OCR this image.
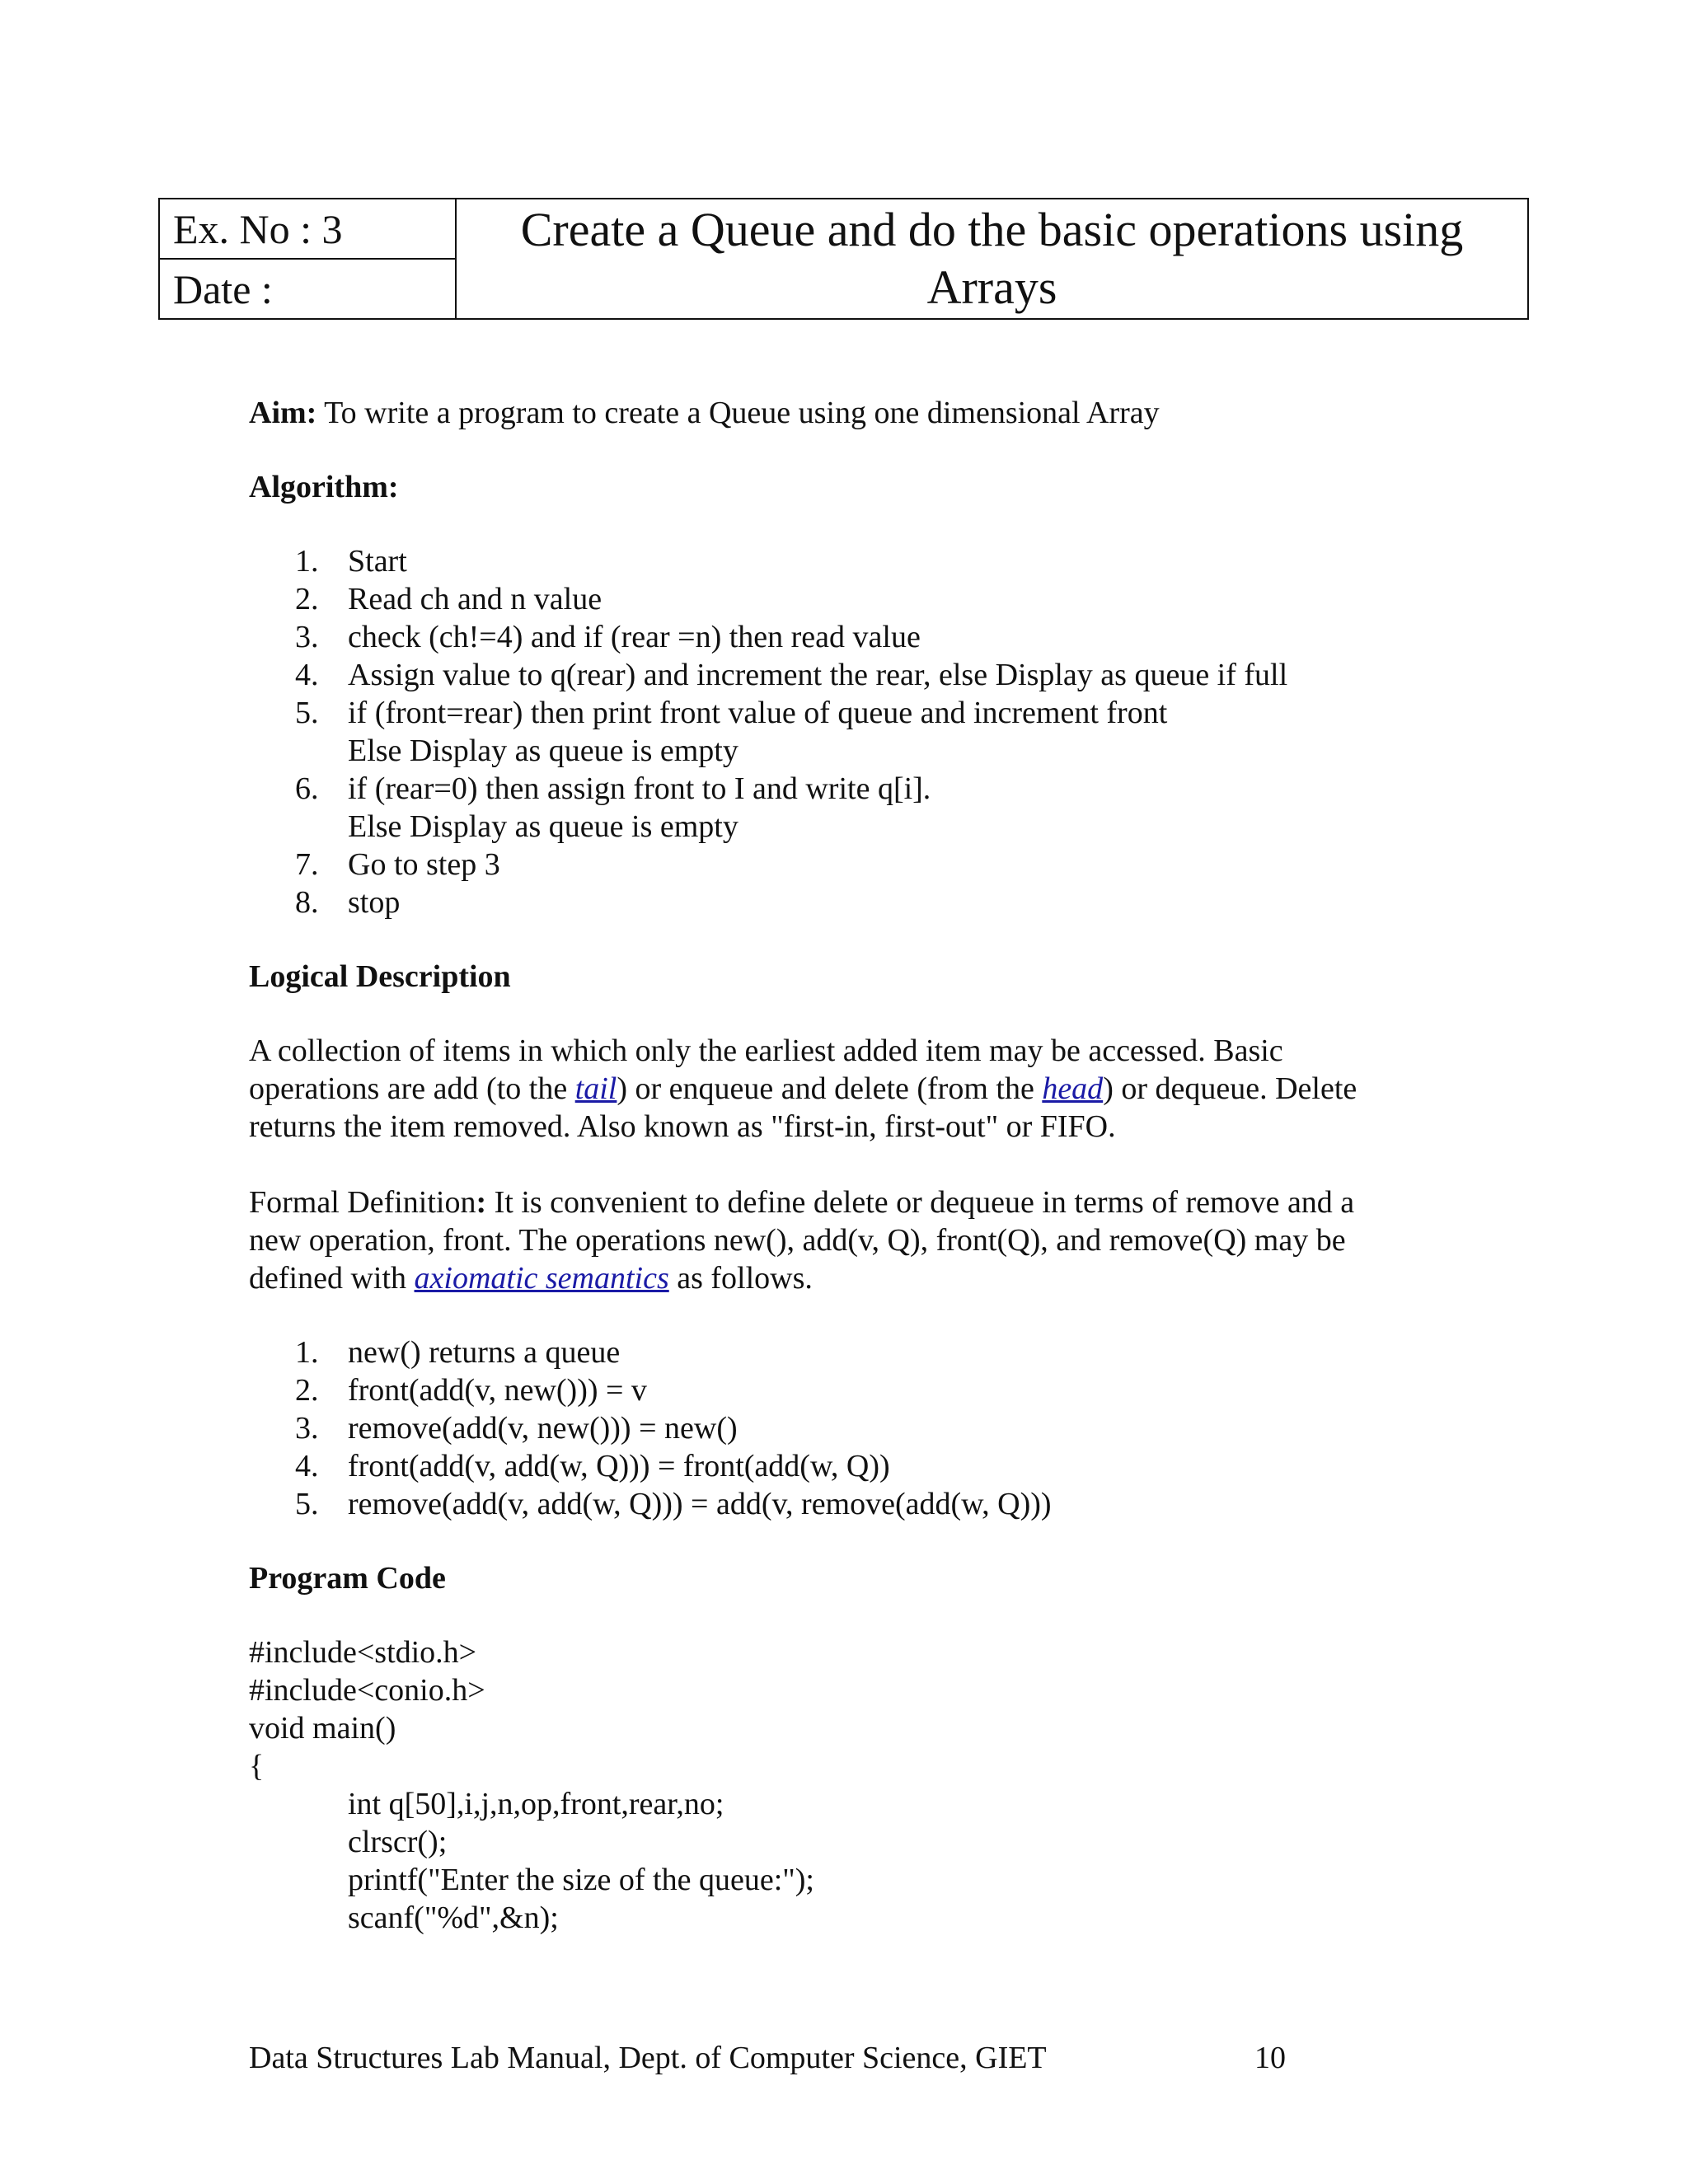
Ex. No : 3
Date :
Create a Queue and do the basic operations using
Arrays

Aim: To write a program to create a Queue using one dimensional Array

Algorithm:

1. Start
2. Read ch and n value
3. check (ch!=4) and if (rear =n) then read value
4. Assign value to q(rear) and increment the rear, else Display as queue if full
5. if (front=rear) then print front value of queue and increment front
Else Display as queue is empty
6. if (rear=0) then assign front to I and write q[i].
Else Display as queue is empty
7. Go to step 3
8. stop

Logical Description

A collection of items in which only the earliest added item may be accessed. Basic

operations are add (to the tail) or enqueue and delete (from the head) or dequeue. Delete

returns the item removed. Also known as "first-in, first-out" or FIFO.

Formal Definition: It is convenient to define delete or dequeue in terms of remove and a

new operation, front. The operations new(), add(v, Q), front(Q), and remove(Q) may be

defined with axiomatic semantics as follows.

1. new() returns a queue
2. front(add(v, new())) = v
3. remove(add(v, new())) = new()
4. front(add(v, add(w, Q))) = front(add(w, Q))
5. remove(add(v, add(w, Q))) = add(v, remove(add(w, Q)))

Program Code

#include<stdio.h>

#include<conio.h>

void main()

{

int q[50],i,j,n,op,front,rear,no;

clrscr();

printf("Enter the size of the queue:");

scanf("%d",&n);

Data Structures Lab Manual, Dept. of Computer Science, GIET	10
